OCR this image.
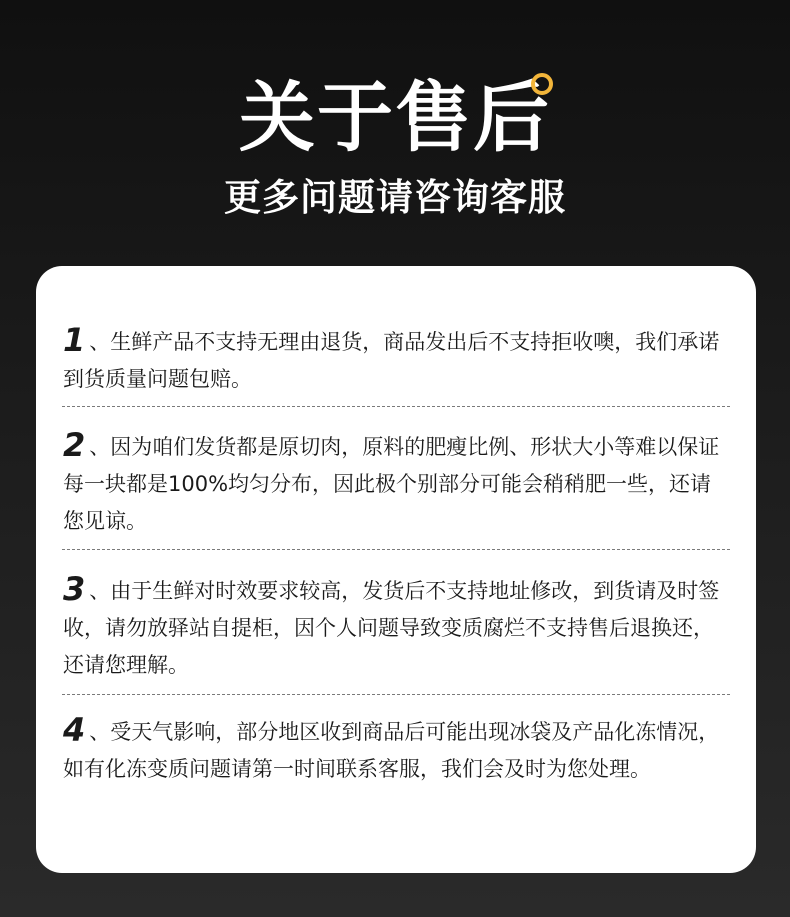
关于售后
更多问题请咨询客服
1 、生鲜产品不支持无理由退货，商品发出后不支持拒收噢，我们承诺到货质量问题包赔。
2 、因为咱们发货都是原切肉，原料的肥瘦比例、形状大小等难以保证每一块都是100%均匀分布，因此极个别部分可能会稍稍肥一些，还请您见谅。
3 、由于生鲜对时效要求较高，发货后不支持地址修改，到货请及时签收，请勿放驿站自提柜，因个人问题导致变质腐烂不支持售后退换还，还请您理解。
4 、受天气影响，部分地区收到商品后可能出现冰袋及产品化冻情况，如有化冻变质问题请第一时间联系客服，我们会及时为您处理。
